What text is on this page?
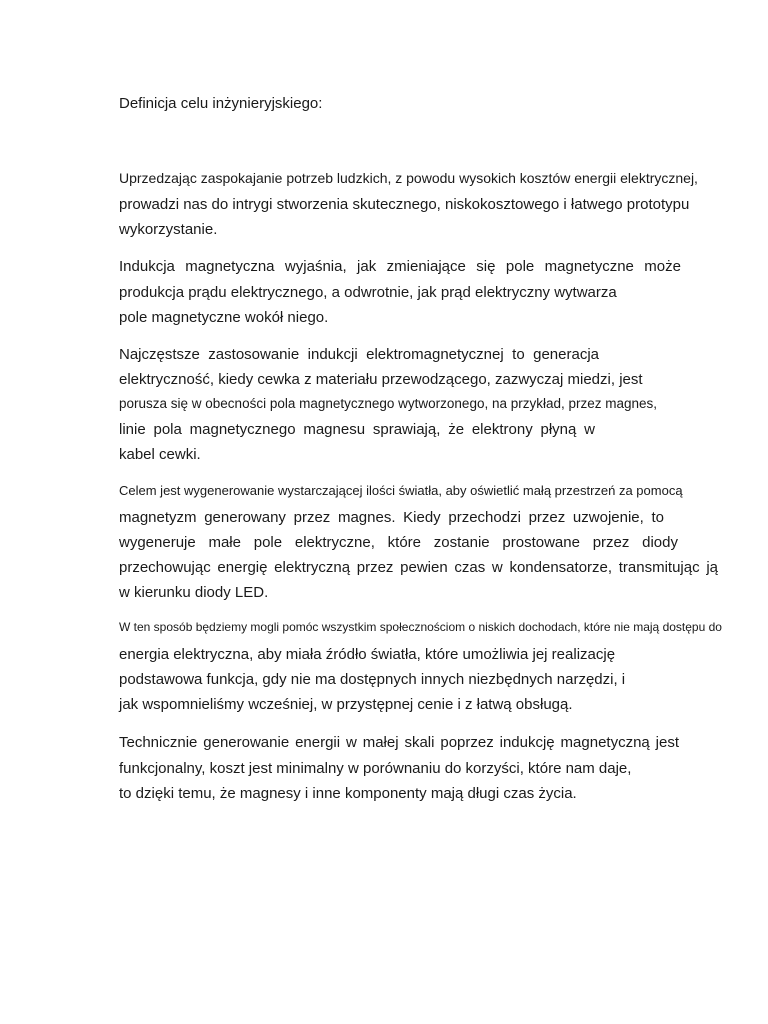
Definicja celu inżynieryjskiego:
Uprzedzając zaspokajanie potrzeb ludzkich, z powodu wysokich kosztów energii elektrycznej,
prowadzi nas do intrygi stworzenia skutecznego, niskokosztowego i łatwego prototypu
wykorzystanie.
Indukcja magnetyczna wyjaśnia, jak zmieniające się pole magnetyczne może
produkcja prądu elektrycznego, a odwrotnie, jak prąd elektryczny wytwarza
pole magnetyczne wokół niego.
Najczęstsze zastosowanie indukcji elektromagnetycznej to generacja
elektryczność, kiedy cewka z materiału przewodzącego, zazwyczaj miedzi, jest
porusza się w obecności pola magnetycznego wytworzonego, na przykład, przez magnes,
linie pola magnetycznego magnesu sprawiają, że elektrony płyną w
kabel cewki.
Celem jest wygenerowanie wystarczającej ilości światła, aby oświetlić małą przestrzeń za pomocą
magnetyzm generowany przez magnes. Kiedy przechodzi przez uzwojenie, to
wygeneruje małe pole elektryczne, które zostanie prostowane przez diody
przechowując energię elektryczną przez pewien czas w kondensatorze, transmitując ją
w kierunku diody LED.
W ten sposób będziemy mogli pomóc wszystkim społecznościom o niskich dochodach, które nie mają dostępu do
energia elektryczna, aby miała źródło światła, które umożliwia jej realizację
podstawowa funkcja, gdy nie ma dostępnych innych niezbędnych narzędzi, i
jak wspomnieliśmy wcześniej, w przystępnej cenie i z łatwą obsługą.
Technicznie generowanie energii w małej skali poprzez indukcję magnetyczną jest
funkcjonalny, koszt jest minimalny w porównaniu do korzyści, które nam daje,
to dzięki temu, że magnesy i inne komponenty mają długi czas życia.
